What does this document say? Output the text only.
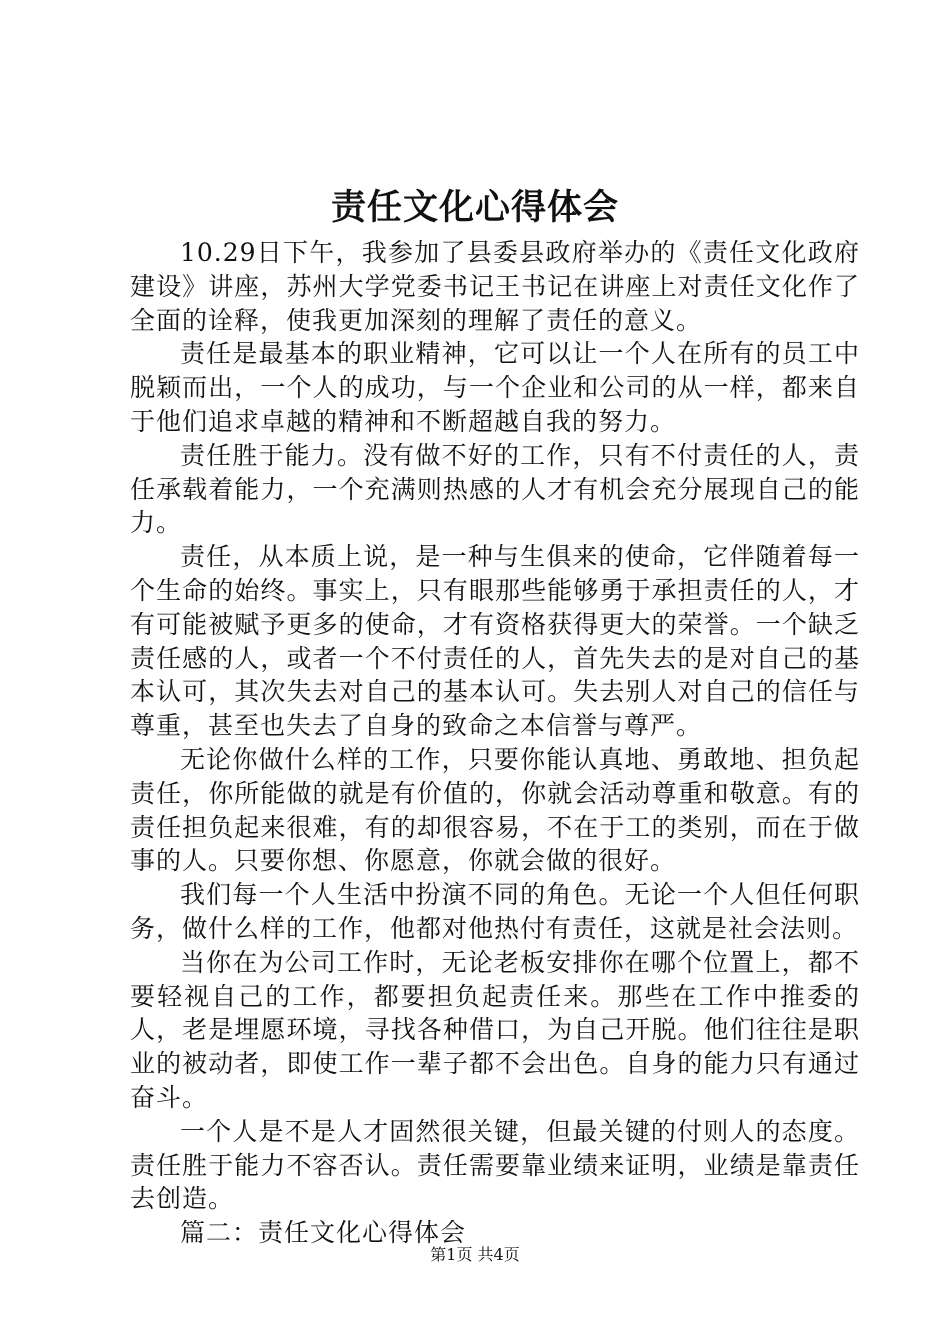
责任文化心得体会

10.29日下午，我参加了县委县政府举办的《责任文化政府建设》讲座，苏州大学党委书记王书记在讲座上对责任文化作了全面的诠释，使我更加深刻的理解了责任的意义。

责任是最基本的职业精神，它可以让一个人在所有的员工中脱颖而出，一个人的成功，与一个企业和公司的从一样，都来自于他们追求卓越的精神和不断超越自我的努力。

责任胜于能力。没有做不好的工作，只有不付责任的人，责任承载着能力，一个充满则热感的人才有机会充分展现自己的能力。

责任，从本质上说，是一种与生俱来的使命，它伴随着每一个生命的始终。事实上，只有眼那些能够勇于承担责任的人，才有可能被赋予更多的使命，才有资格获得更大的荣誉。一个缺乏责任感的人，或者一个不付责任的人，首先失去的是对自己的基本认可，其次失去对自己的基本认可。失去别人对自己的信任与尊重，甚至也失去了自身的致命之本信誉与尊严。

无论你做什么样的工作，只要你能认真地、勇敢地、担负起责任，你所能做的就是有价值的，你就会活动尊重和敬意。有的责任担负起来很难，有的却很容易，不在于工的类别，而在于做事的人。只要你想、你愿意，你就会做的很好。

我们每一个人生活中扮演不同的角色。无论一个人但任何职务，做什么样的工作，他都对他热付有责任，这就是社会法则。

当你在为公司工作时，无论老板安排你在哪个位置上，都不要轻视自己的工作，都要担负起责任来。那些在工作中推委的人，老是埋愿环境，寻找各种借口，为自己开脱。他们往往是职业的被动者，即使工作一辈子都不会出色。自身的能力只有通过奋斗。

一个人是不是人才固然很关键，但最关键的付则人的态度。责任胜于能力不容否认。责任需要靠业绩来证明，业绩是靠责任去创造。

篇二：责任文化心得体会

第1页 共4页
